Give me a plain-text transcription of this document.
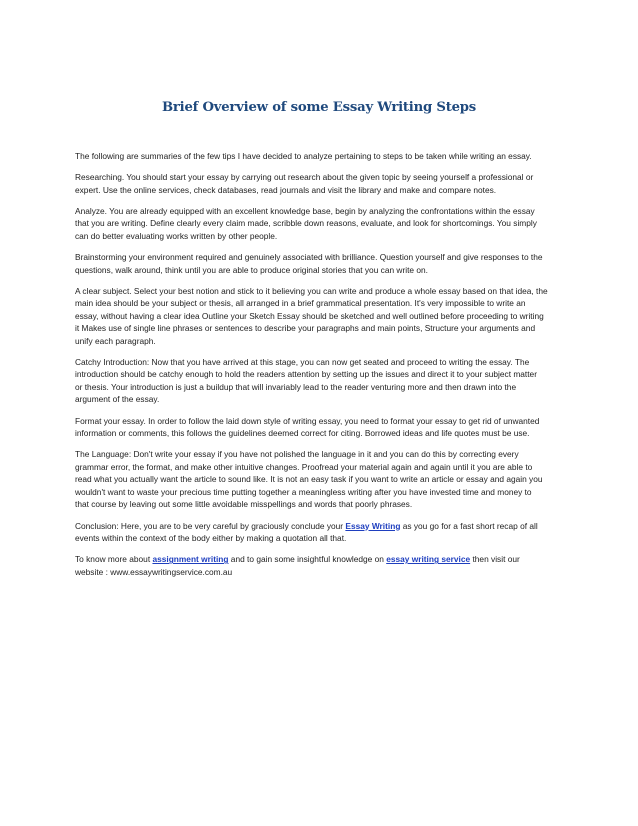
Brief Overview of some Essay Writing Steps

The following are summaries of the few tips I have decided to analyze pertaining to steps to be taken while writing an essay.

Researching. You should start your essay by carrying out research about the given topic by seeing yourself a professional or
expert. Use the online services, check databases, read journals and visit the library and make and compare notes.

Analyze. You are already equipped with an excellent knowledge base, begin by analyzing the confrontations within the essay
that you are writing. Define clearly every claim made, scribble down reasons, evaluate, and look for shortcomings. You simply
can do better evaluating works written by other people.

Brainstorming your environment required and genuinely associated with brilliance. Question yourself and give responses to the
questions, walk around, think until you are able to produce original stories that you can write on.

A clear subject. Select your best notion and stick to it believing you can write and produce a whole essay based on that idea, the
main idea should be your subject or thesis, all arranged in a brief grammatical presentation. It's very impossible to write an
essay, without having a clear idea Outline your Sketch Essay should be sketched and well outlined before proceeding to writing
it Makes use of single line phrases or sentences to describe your paragraphs and main points, Structure your arguments and
unify each paragraph.

Catchy Introduction: Now that you have arrived at this stage, you can now get seated and proceed to writing the essay. The
introduction should be catchy enough to hold the readers attention by setting up the issues and direct it to your subject matter
or thesis. Your introduction is just a buildup that will invariably lead to the reader venturing more and then drawn into the
argument of the essay.

Format your essay. In order to follow the laid down style of writing essay, you need to format your essay to get rid of unwanted
information or comments, this follows the guidelines deemed correct for citing. Borrowed ideas and life quotes must be use.

The Language: Don't write your essay if you have not polished the language in it and you can do this by correcting every
grammar error, the format, and make other intuitive changes. Proofread your material again and again until it you are able to
read what you actually want the article to sound like. It is not an easy task if you want to write an article or essay and again you
wouldn't want to waste your precious time putting together a meaningless writing after you have invested time and money to
that course by leaving out some little avoidable misspellings and words that poorly phrases.

Conclusion: Here, you are to be very careful by graciously conclude your Essay Writing as you go for a fast short recap of all
events within the context of the body either by making a quotation all that.

To know more about assignment writing and to gain some insightful knowledge on essay writing service then visit our
website : www.essaywritingservice.com.au
